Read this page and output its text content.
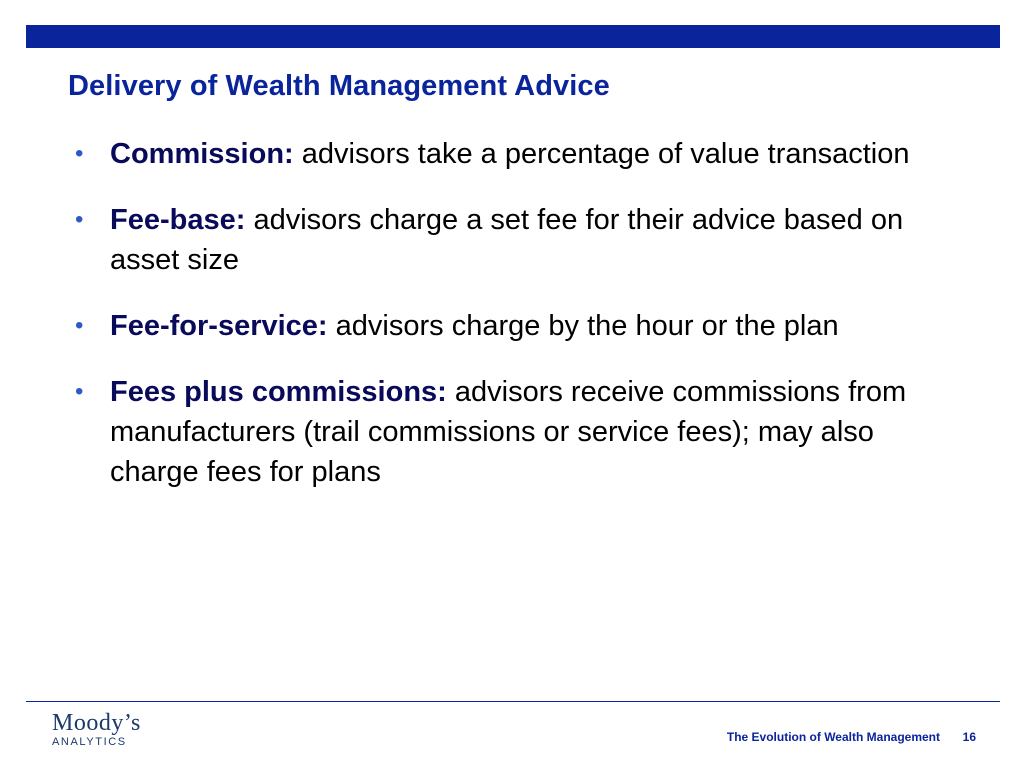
Delivery of Wealth Management Advice
• Commission: advisors take a percentage of value transaction
• Fee-base: advisors charge a set fee for their advice based on asset size
• Fee-for-service: advisors charge by the hour or the plan
• Fees plus commissions: advisors receive commissions from manufacturers (trail commissions or service fees); may also charge fees for plans
Moody’s
ANALYTICS	The Evolution of Wealth Management 16
